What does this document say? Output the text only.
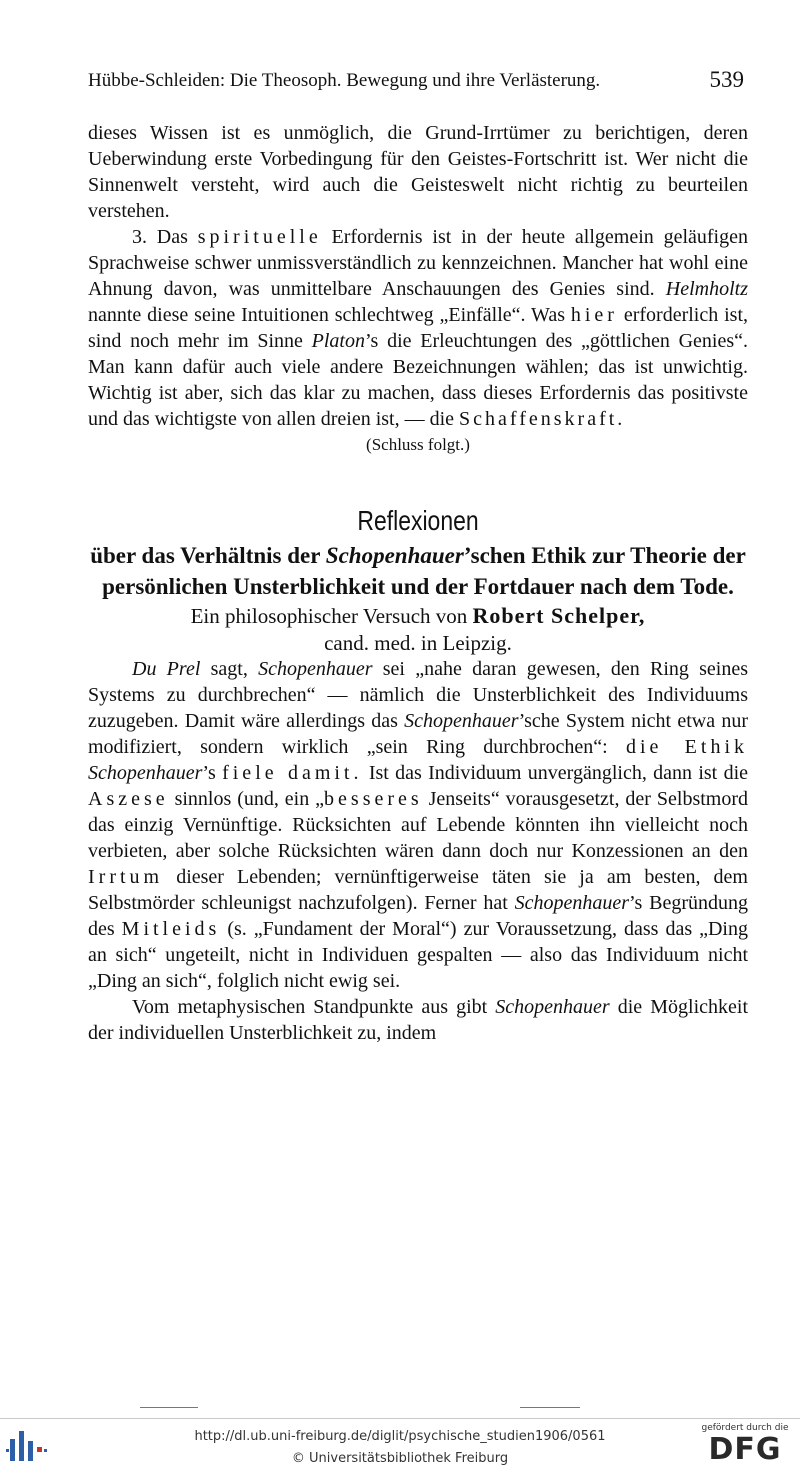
Hübbe-Schleiden: Die Theosoph. Bewegung und ihre Verlästerung.	539

dieses Wissen ist es unmöglich, die Grund-Irrtümer zu berichtigen, deren Ueberwindung erste Vorbedingung für den Geistes-Fortschritt ist. Wer nicht die Sinnenwelt versteht, wird auch die Geisteswelt nicht richtig zu beurteilen verstehen.

3. Das spirituelle Erfordernis ist in der heute allgemein geläufigen Sprachweise schwer unmissverständlich zu kennzeichnen. Mancher hat wohl eine Ahnung davon, was unmittelbare Anschauungen des Genies sind. Helmholtz nannte diese seine Intuitionen schlechtweg „Einfälle“. Was hier erforderlich ist, sind noch mehr im Sinne Platon’s die Erleuchtungen des „göttlichen Genies“. Man kann dafür auch viele andere Bezeichnungen wählen; das ist unwichtig. Wichtig ist aber, sich das klar zu machen, dass dieses Erfordernis das positivste und das wichtigste von allen dreien ist, — die Schaffenskraft.

(Schluss folgt.)

Reflexionen

über das Verhältnis der Schopenhauer’schen Ethik zur Theorie der persönlichen Unsterblichkeit und der Fortdauer nach dem Tode.

Ein philosophischer Versuch von Robert Schelper,

cand. med. in Leipzig.

Du Prel sagt, Schopenhauer sei „nahe daran gewesen, den Ring seines Systems zu durchbrechen“ — nämlich die Unsterblichkeit des Individuums zuzugeben. Damit wäre allerdings das Schopenhauer’sche System nicht etwa nur modifiziert, sondern wirklich „sein Ring durchbrochen“: die Ethik Schopenhauer’s fiele damit. Ist das Individuum unvergänglich, dann ist die Aszese sinnlos (und, ein „besseres Jenseits“ vorausgesetzt, der Selbstmord das einzig Vernünftige. Rücksichten auf Lebende könnten ihn vielleicht noch verbieten, aber solche Rücksichten wären dann doch nur Konzessionen an den Irrtum dieser Lebenden; vernünftigerweise täten sie ja am besten, dem Selbstmörder schleunigst nachzufolgen). Ferner hat Schopenhauer’s Begründung des Mitleids (s. „Fundament der Moral“) zur Voraussetzung, dass das „Ding an sich“ ungeteilt, nicht in Individuen gespalten — also das Individuum nicht „Ding an sich“, folglich nicht ewig sei.

Vom metaphysischen Standpunkte aus gibt Schopenhauer die Möglichkeit der individuellen Unsterblichkeit zu, indem

http://dl.ub.uni-freiburg.de/diglit/psychische_studien1906/0561
© Universitätsbibliothek Freiburg
gefördert durch die
DFG
